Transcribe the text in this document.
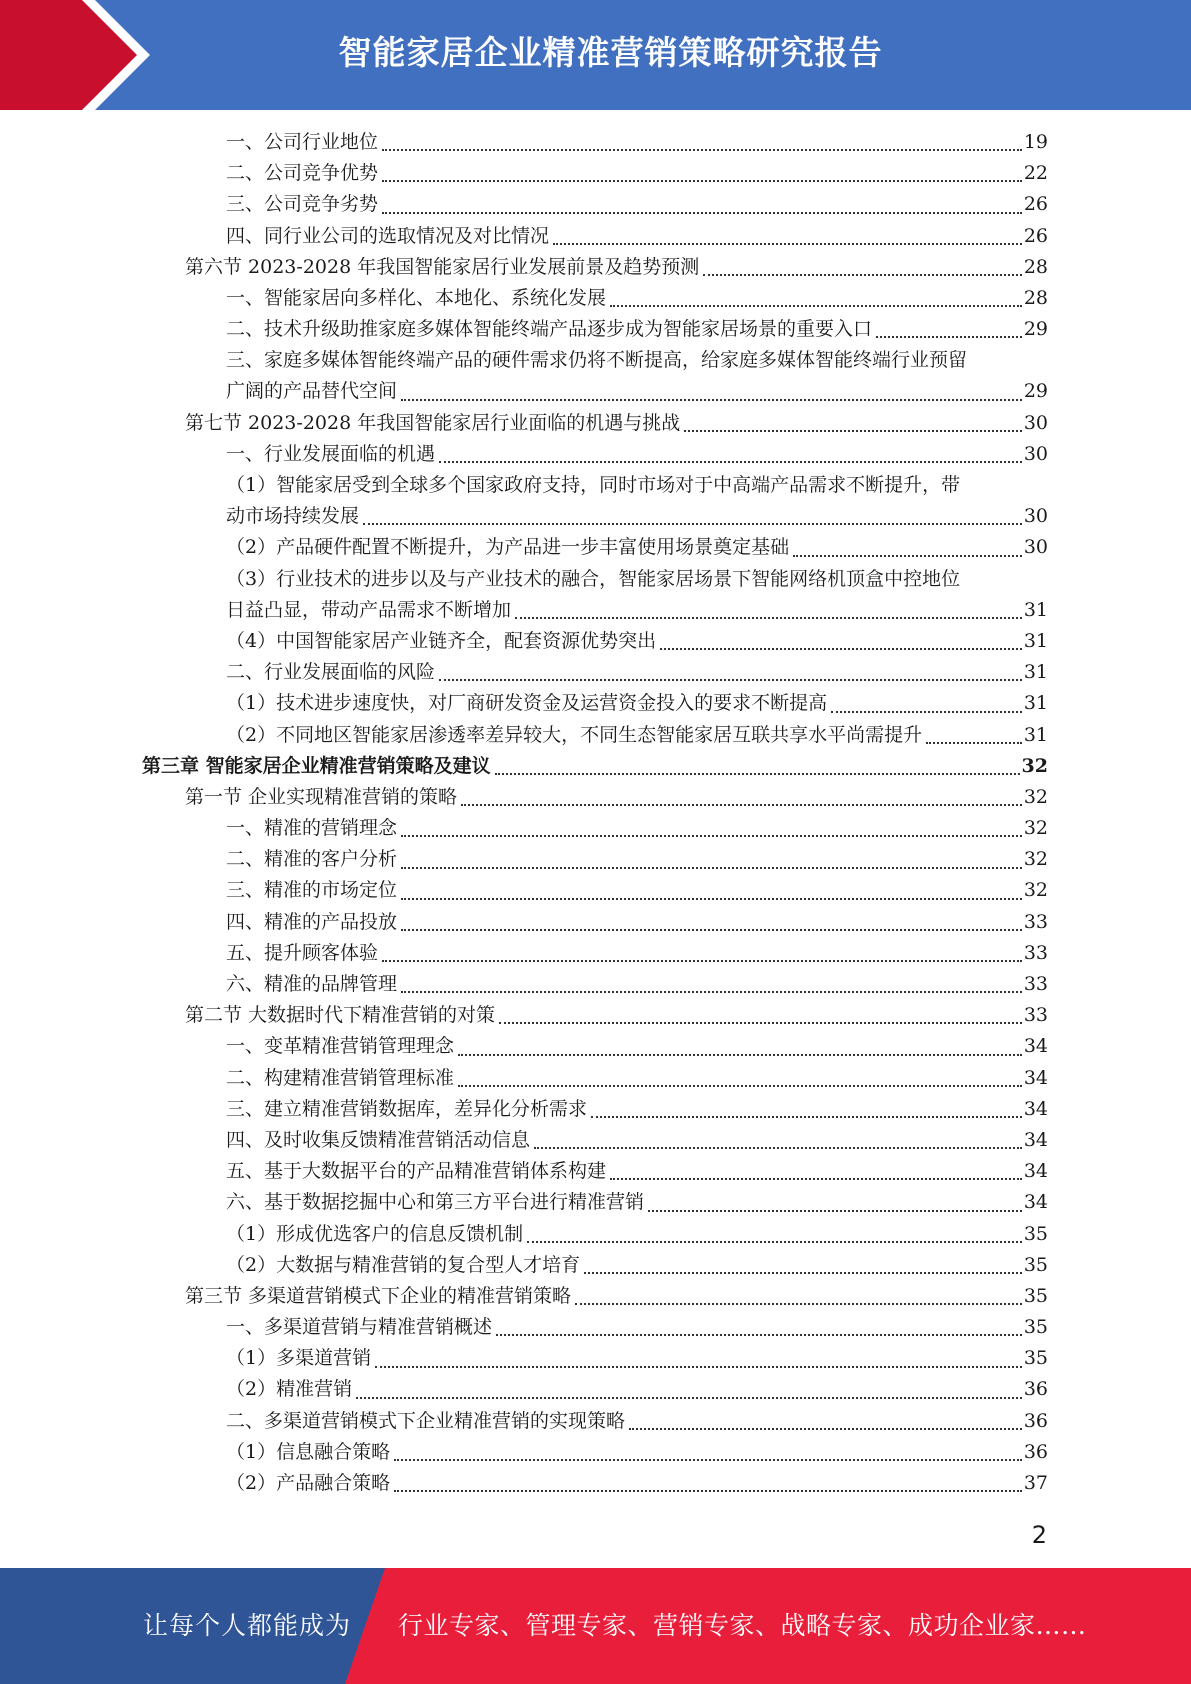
智能家居企业精准营销策略研究报告
一、公司行业地位	19
二、公司竞争优势	22
三、公司竞争劣势	26
四、同行业公司的选取情况及对比情况	26
第六节 2023-2028 年我国智能家居行业发展前景及趋势预测	28
一、智能家居向多样化、本地化、系统化发展	28
二、技术升级助推家庭多媒体智能终端产品逐步成为智能家居场景的重要入口	29
三、家庭多媒体智能终端产品的硬件需求仍将不断提高，给家庭多媒体智能终端行业预留
广阔的产品替代空间	29
第七节 2023-2028 年我国智能家居行业面临的机遇与挑战	30
一、行业发展面临的机遇	30
（1）智能家居受到全球多个国家政府支持，同时市场对于中高端产品需求不断提升，带
动市场持续发展	30
（2）产品硬件配置不断提升，为产品进一步丰富使用场景奠定基础	30
（3）行业技术的进步以及与产业技术的融合，智能家居场景下智能网络机顶盒中控地位
日益凸显，带动产品需求不断增加	31
（4）中国智能家居产业链齐全，配套资源优势突出	31
二、行业发展面临的风险	31
（1）技术进步速度快，对厂商研发资金及运营资金投入的要求不断提高	31
（2）不同地区智能家居渗透率差异较大，不同生态智能家居互联共享水平尚需提升	31
第三章 智能家居企业精准营销策略及建议	32
第一节 企业实现精准营销的策略	32
一、精准的营销理念	32
二、精准的客户分析	32
三、精准的市场定位	32
四、精准的产品投放	33
五、提升顾客体验	33
六、精准的品牌管理	33
第二节 大数据时代下精准营销的对策	33
一、变革精准营销管理理念	34
二、构建精准营销管理标准	34
三、建立精准营销数据库，差异化分析需求	34
四、及时收集反馈精准营销活动信息	34
五、基于大数据平台的产品精准营销体系构建	34
六、基于数据挖掘中心和第三方平台进行精准营销	34
（1）形成优选客户的信息反馈机制	35
（2）大数据与精准营销的复合型人才培育	35
第三节 多渠道营销模式下企业的精准营销策略	35
一、多渠道营销与精准营销概述	35
（1）多渠道营销	35
（2）精准营销	36
二、多渠道营销模式下企业精准营销的实现策略	36
（1）信息融合策略	36
（2）产品融合策略	37
2
让每个人都能成为 行业专家、管理专家、营销专家、战略专家、成功企业家……
